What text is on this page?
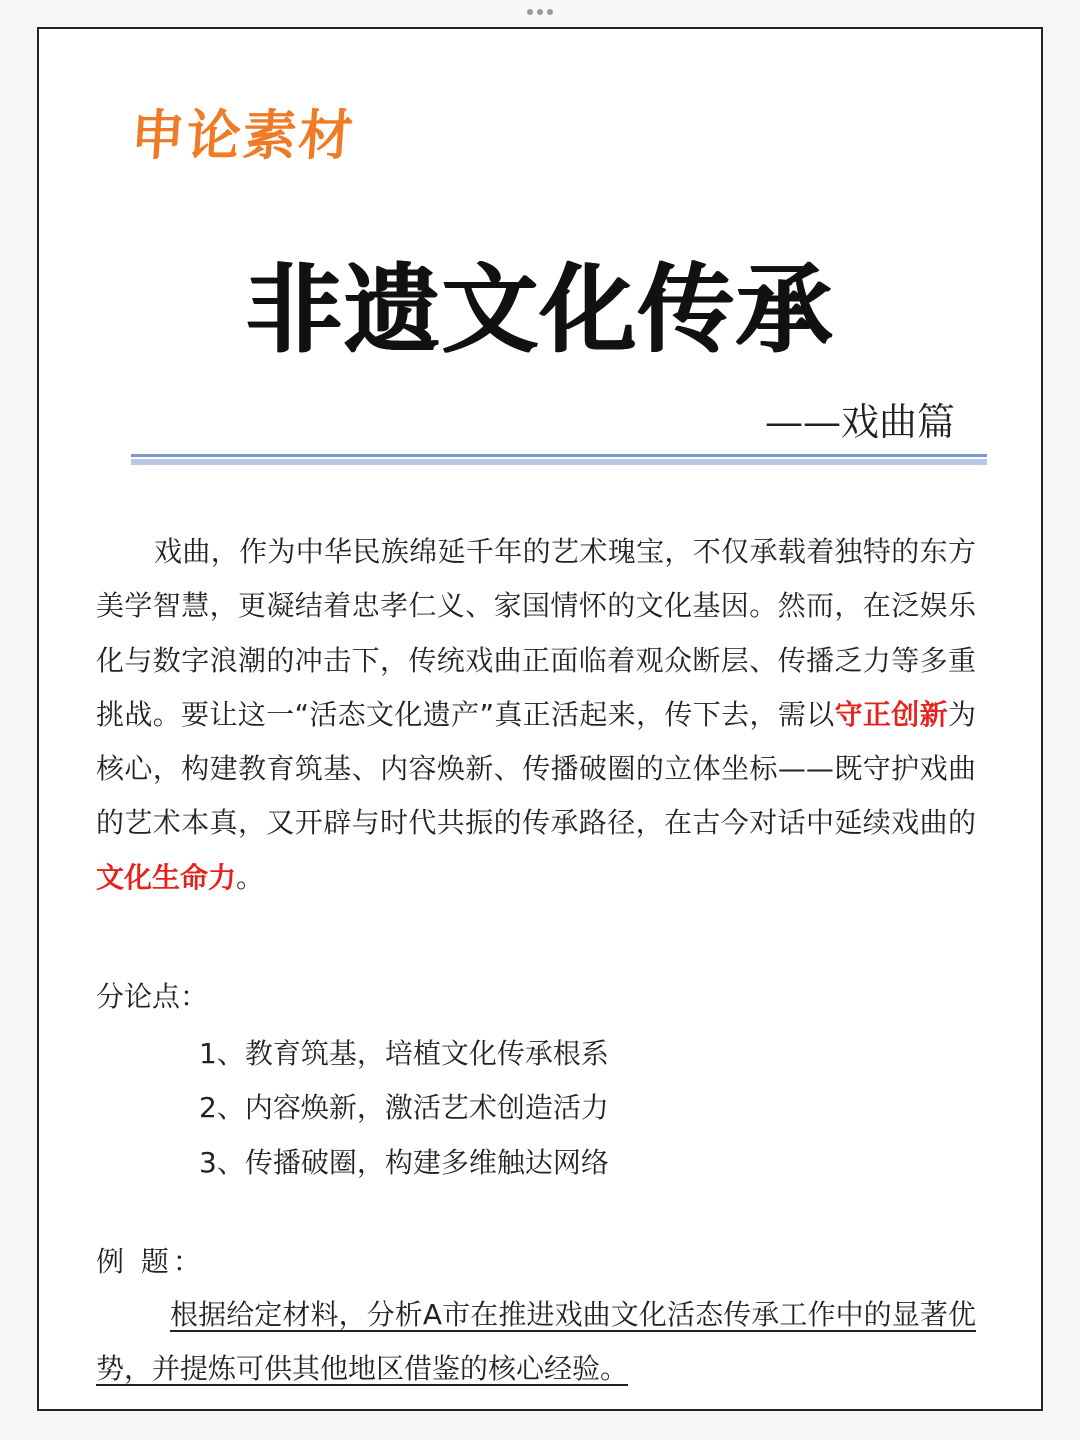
申论素材
非遗文化传承
——戏曲篇

戏曲，作为中华民族绵延千年的艺术瑰宝，不仅承载着独特的东方美学智慧，更凝结着忠孝仁义、家国情怀的文化基因。然而，在泛娱乐化与数字浪潮的冲击下，传统戏曲正面临着观众断层、传播乏力等多重挑战。要让这一“活态文化遗产”真正活起来，传下去，需以守正创新为核心，构建教育筑基、内容焕新、传播破圈的立体坐标——既守护戏曲的艺术本真，又开辟与时代共振的传承路径，在古今对话中延续戏曲的文化生命力。

分论点：
1、教育筑基，培植文化传承根系
2、内容焕新，激活艺术创造活力
3、传播破圈，构建多维触达网络
例 题：

根据给定材料，分析A市在推进戏曲文化活态传承工作中的显著优势，并提炼可供其他地区借鉴的核心经验。
